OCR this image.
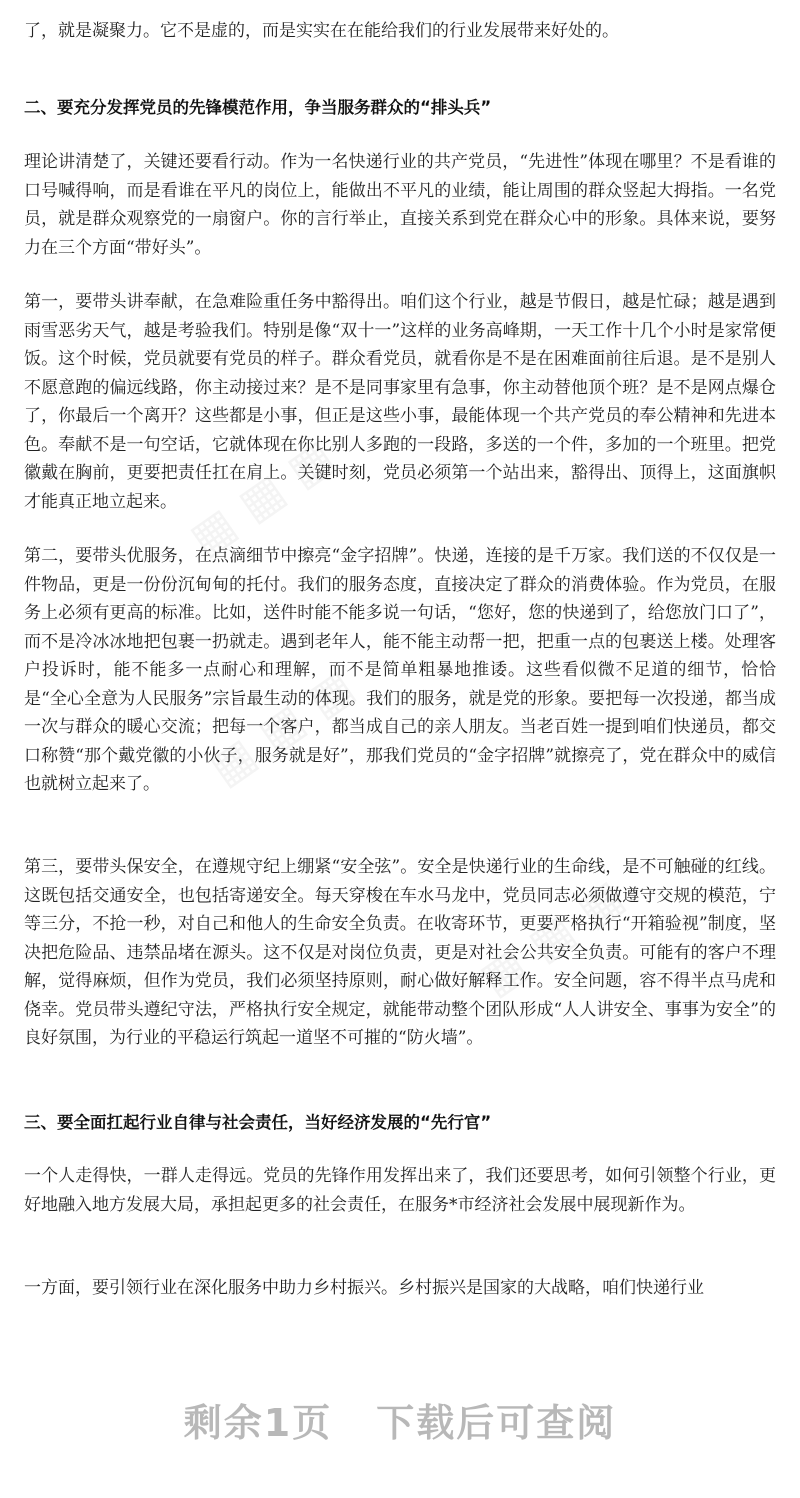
了，就是凝聚力。它不是虚的，而是实实在在能给我们的行业发展带来好处的。

二、要充分发挥党员的先锋模范作用，争当服务群众的“排头兵”

理论讲清楚了，关键还要看行动。作为一名快递行业的共产党员，“先进性”体现在哪里？不是看谁的口号喊得响，而是看谁在平凡的岗位上，能做出不平凡的业绩，能让周围的群众竖起大拇指。一名党员，就是群众观察党的一扇窗户。你的言行举止，直接关系到党在群众心中的形象。具体来说，要努力在三个方面“带好头”。

第一，要带头讲奉献，在急难险重任务中豁得出。咱们这个行业，越是节假日，越是忙碌；越是遇到雨雪恶劣天气，越是考验我们。特别是像“双十一”这样的业务高峰期，一天工作十几个小时是家常便饭。这个时候，党员就要有党员的样子。群众看党员，就看你是不是在困难面前往后退。是不是别人不愿意跑的偏远线路，你主动接过来？是不是同事家里有急事，你主动替他顶个班？是不是网点爆仓了，你最后一个离开？这些都是小事，但正是这些小事，最能体现一个共产党员的奉公精神和先进本色。奉献不是一句空话，它就体现在你比别人多跑的一段路，多送的一个件，多加的一个班里。把党徽戴在胸前，更要把责任扛在肩上。关键时刻，党员必须第一个站出来，豁得出、顶得上，这面旗帜才能真正地立起来。

第二，要带头优服务，在点滴细节中擦亮“金字招牌”。快递，连接的是千万家。我们送的不仅仅是一件物品，更是一份份沉甸甸的托付。我们的服务态度，直接决定了群众的消费体验。作为党员，在服务上必须有更高的标准。比如，送件时能不能多说一句话，“您好，您的快递到了，给您放门口了”，而不是冷冰冰地把包裹一扔就走。遇到老年人，能不能主动帮一把，把重一点的包裹送上楼。处理客户投诉时，能不能多一点耐心和理解，而不是简单粗暴地推诿。这些看似微不足道的细节，恰恰是“全心全意为人民服务”宗旨最生动的体现。我们的服务，就是党的形象。要把每一次投递，都当成一次与群众的暖心交流；把每一个客户，都当成自己的亲人朋友。当老百姓一提到咱们快递员，都交口称赞“那个戴党徽的小伙子，服务就是好”，那我们党员的“金字招牌”就擦亮了，党在群众中的威信也就树立起来了。

第三，要带头保安全，在遵规守纪上绷紧“安全弦”。安全是快递行业的生命线，是不可触碰的红线。这既包括交通安全，也包括寄递安全。每天穿梭在车水马龙中，党员同志必须做遵守交规的模范，宁等三分，不抢一秒，对自己和他人的生命安全负责。在收寄环节，更要严格执行“开箱验视”制度，坚决把危险品、违禁品堵在源头。这不仅是对岗位负责，更是对社会公共安全负责。可能有的客户不理解，觉得麻烦，但作为党员，我们必须坚持原则，耐心做好解释工作。安全问题，容不得半点马虎和侥幸。党员带头遵纪守法，严格执行安全规定，就能带动整个团队形成“人人讲安全、事事为安全”的良好氛围，为行业的平稳运行筑起一道坚不可摧的“防火墙”。

三、要全面扛起行业自律与社会责任，当好经济发展的“先行官”

一个人走得快，一群人走得远。党员的先锋作用发挥出来了，我们还要思考，如何引领整个行业，更好地融入地方发展大局，承担起更多的社会责任，在服务*市经济社会发展中展现新作为。

一方面，要引领行业在深化服务中助力乡村振兴。乡村振兴是国家的大战略，咱们快递行业

剩余1页 下载后可查阅
